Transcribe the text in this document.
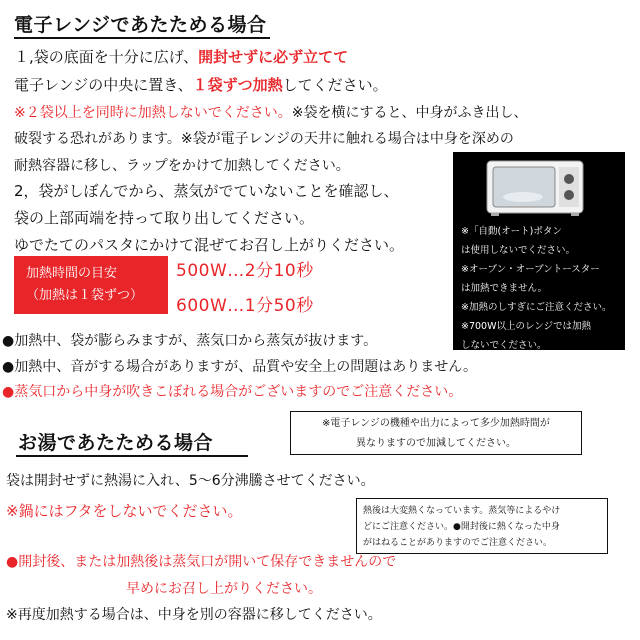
電子レンジであたためる場合
１,袋の底面を十分に広げ、開封せずに必ず立てて
電子レンジの中央に置き、１袋ずつ加熱してください。
※２袋以上を同時に加熱しないでください。※袋を横にすると、中身がふき出し、
破裂する恐れがあります。※袋が電子レンジの天井に触れる場合は中身を深めの
耐熱容器に移し、ラップをかけて加熱してください。
2，袋がしぼんでから、蒸気がでていないことを確認し、
袋の上部両端を持って取り出してください。
ゆでたてのパスタにかけて混ぜてお召し上がりください。
加熱時間の目安
（加熱は１袋ずつ）
500W…2分10秒
600W…1分50秒
※「自動(オート)ボタン
は使用しないでください。
※オーブン・オーブントースター
は加熱できません。
※加熱のしすぎにご注意ください。
※700W以上のレンジでは加熱
しないでください。
●加熱中、袋が膨らみますが、蒸気口から蒸気が抜けます。
●加熱中、音がする場合がありますが、品質や安全上の問題はありません。
●蒸気口から中身が吹きこぼれる場合がございますのでご注意ください。
※電子レンジの機種や出力によって多少加熱時間が
異なりますので加減してください。
お湯であたためる場合
袋は開封せずに熱湯に入れ、5～6分沸騰させてください。
※鍋にはフタをしないでください。	熱後は大変熱くなっています。蒸気等によるやけ
どにご注意ください。●開封後に熱くなった中身
がはねることがありますのでご注意ください。
●開封後、または加熱後は蒸気口が開いて保存できませんので
早めにお召し上がりください。
※再度加熱する場合は、中身を別の容器に移してください。
